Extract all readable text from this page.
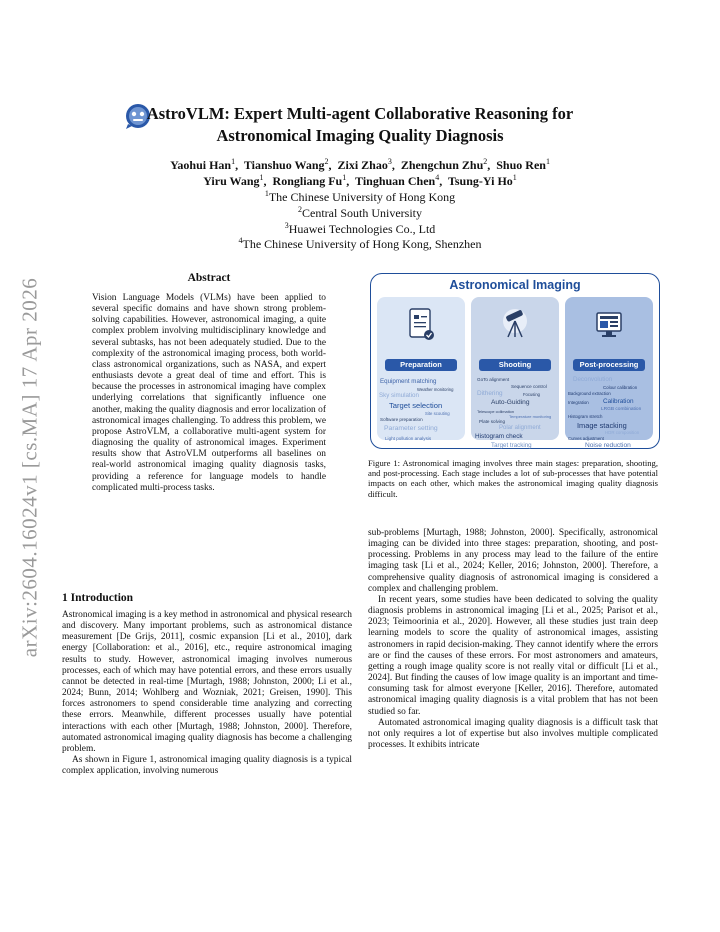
arXiv:2604.16024v1 [cs.MA] 17 Apr 2026
AstroVLM: Expert Multi-agent Collaborative Reasoning for
Astronomical Imaging Quality Diagnosis
Yaohui Han$^1$,  Tianshuo Wang$^2$,  Zixi Zhao$^3$,  Zhengchun Zhu$^2$,  Shuo Ren$^1$
Yiru Wang$^1$,  Rongliang Fu$^1$,  Tinghuan Chen$^4$,  Tsung-Yi Ho$^1$
$^1$The Chinese University of Hong Kong
$^2$Central South University
$^3$Huawei Technologies Co., Ltd
$^4$The Chinese University of Hong Kong, Shenzhen
Abstract
Vision Language Models (VLMs) have been applied to several specific domains and have shown strong problem-solving capabilities. However, astronomical imaging, a quite complex problem involving multidisciplinary knowledge and several subtasks, has not been adequately studied. Due to the complexity of the astronomical imaging process, both world-class astronomical organizations, such as NASA, and expert enthusiasts devote a great deal of time and effort. This is because the processes in astronomical imaging have complex underlying correlations that significantly influence one another, making the quality diagnosis and error localization of astronomical images challenging. To address this problem, we propose AstroVLM, a collaborative multi-agent system for diagnosing the quality of astronomical images. Experiment results show that AstroVLM outperforms all baselines on real-world astronomical imaging quality diagnosis tasks, providing a reference for language models to handle complicated multi-process tasks.
1 Introduction

Astronomical imaging is a key method in astronomical and physical research and discovery. Many important problems, such as astronomical distance measurement [De Grijs, 2011], cosmic expansion [Li et al., 2010], dark energy [Collaboration: et al., 2016], etc., require astronomical imaging results to study. However, astronomical imaging involves numerous processes, each of which may have potential errors, and these errors usually cannot be detected in real-time [Murtagh, 1988; Johnston, 2000; Li et al., 2024; Bunn, 2014; Wohlberg and Wozniak, 2021; Greisen, 1990]. This forces astronomers to spend considerable time analyzing and correcting these errors. Meanwhile, different processes usually have potential interactions with each other [Murtagh, 1988; Johnston, 2000]. Therefore, automated astronomical imaging quality diagnosis has become a challenging problem.

As shown in Figure 1, astronomical imaging quality diagnosis is a typical complex application, involving numerous

Astronomical Imaging
Preparation
Equipment matching
Weather monitoring
Sky simulation
Target selection
Site scouting
Software preparation
Parameter setting
Light pollution analysis
Shooting
GoTo alignment
Sequence control
Dithering	Focusing
Auto-Guiding
Telescope collimation
Temperature monitoring
Plate solving
Polar alignment
Histogram check
Target tracking
Post-processing
Deconvolution
Colour calibration
Background extraction
Integration Calibration
LRGB combination
Histogram stretch
Image stacking
HDR composition
Curves adjustment
Noise reduction
Figure 1: Astronomical imaging involves three main stages: preparation, shooting, and post-processing. Each stage includes a lot of sub-processes that have potential impacts on each other, which makes the astronomical imaging quality diagnosis difficult.

sub-problems [Murtagh, 1988; Johnston, 2000]. Specifically, astronomical imaging can be divided into three stages: preparation, shooting, and post-processing. Problems in any process may lead to the failure of the entire imaging task [Li et al., 2024; Keller, 2016; Johnston, 2000]. Therefore, a comprehensive quality diagnosis of astronomical imaging is considered a complex and challenging problem.

In recent years, some studies have been dedicated to solving the quality diagnosis problems in astronomical imaging [Li et al., 2025; Parisot et al., 2023; Teimoorinia et al., 2020]. However, all these studies just train deep learning models to score the quality of astronomical images, assisting astronomers in rapid decision-making. They cannot identify where the errors are or find the causes of these errors. For most astronomers and amateurs, getting a rough image quality score is not really vital or difficult [Li et al., 2024]. But finding the causes of low image quality is an important and time-consuming task for almost everyone [Keller, 2016]. Therefore, automated astronomical imaging quality diagnosis is a vital problem that has not been studied so far.

Automated astronomical imaging quality diagnosis is a difficult task that not only requires a lot of expertise but also involves multiple complicated processes. It exhibits intricate
